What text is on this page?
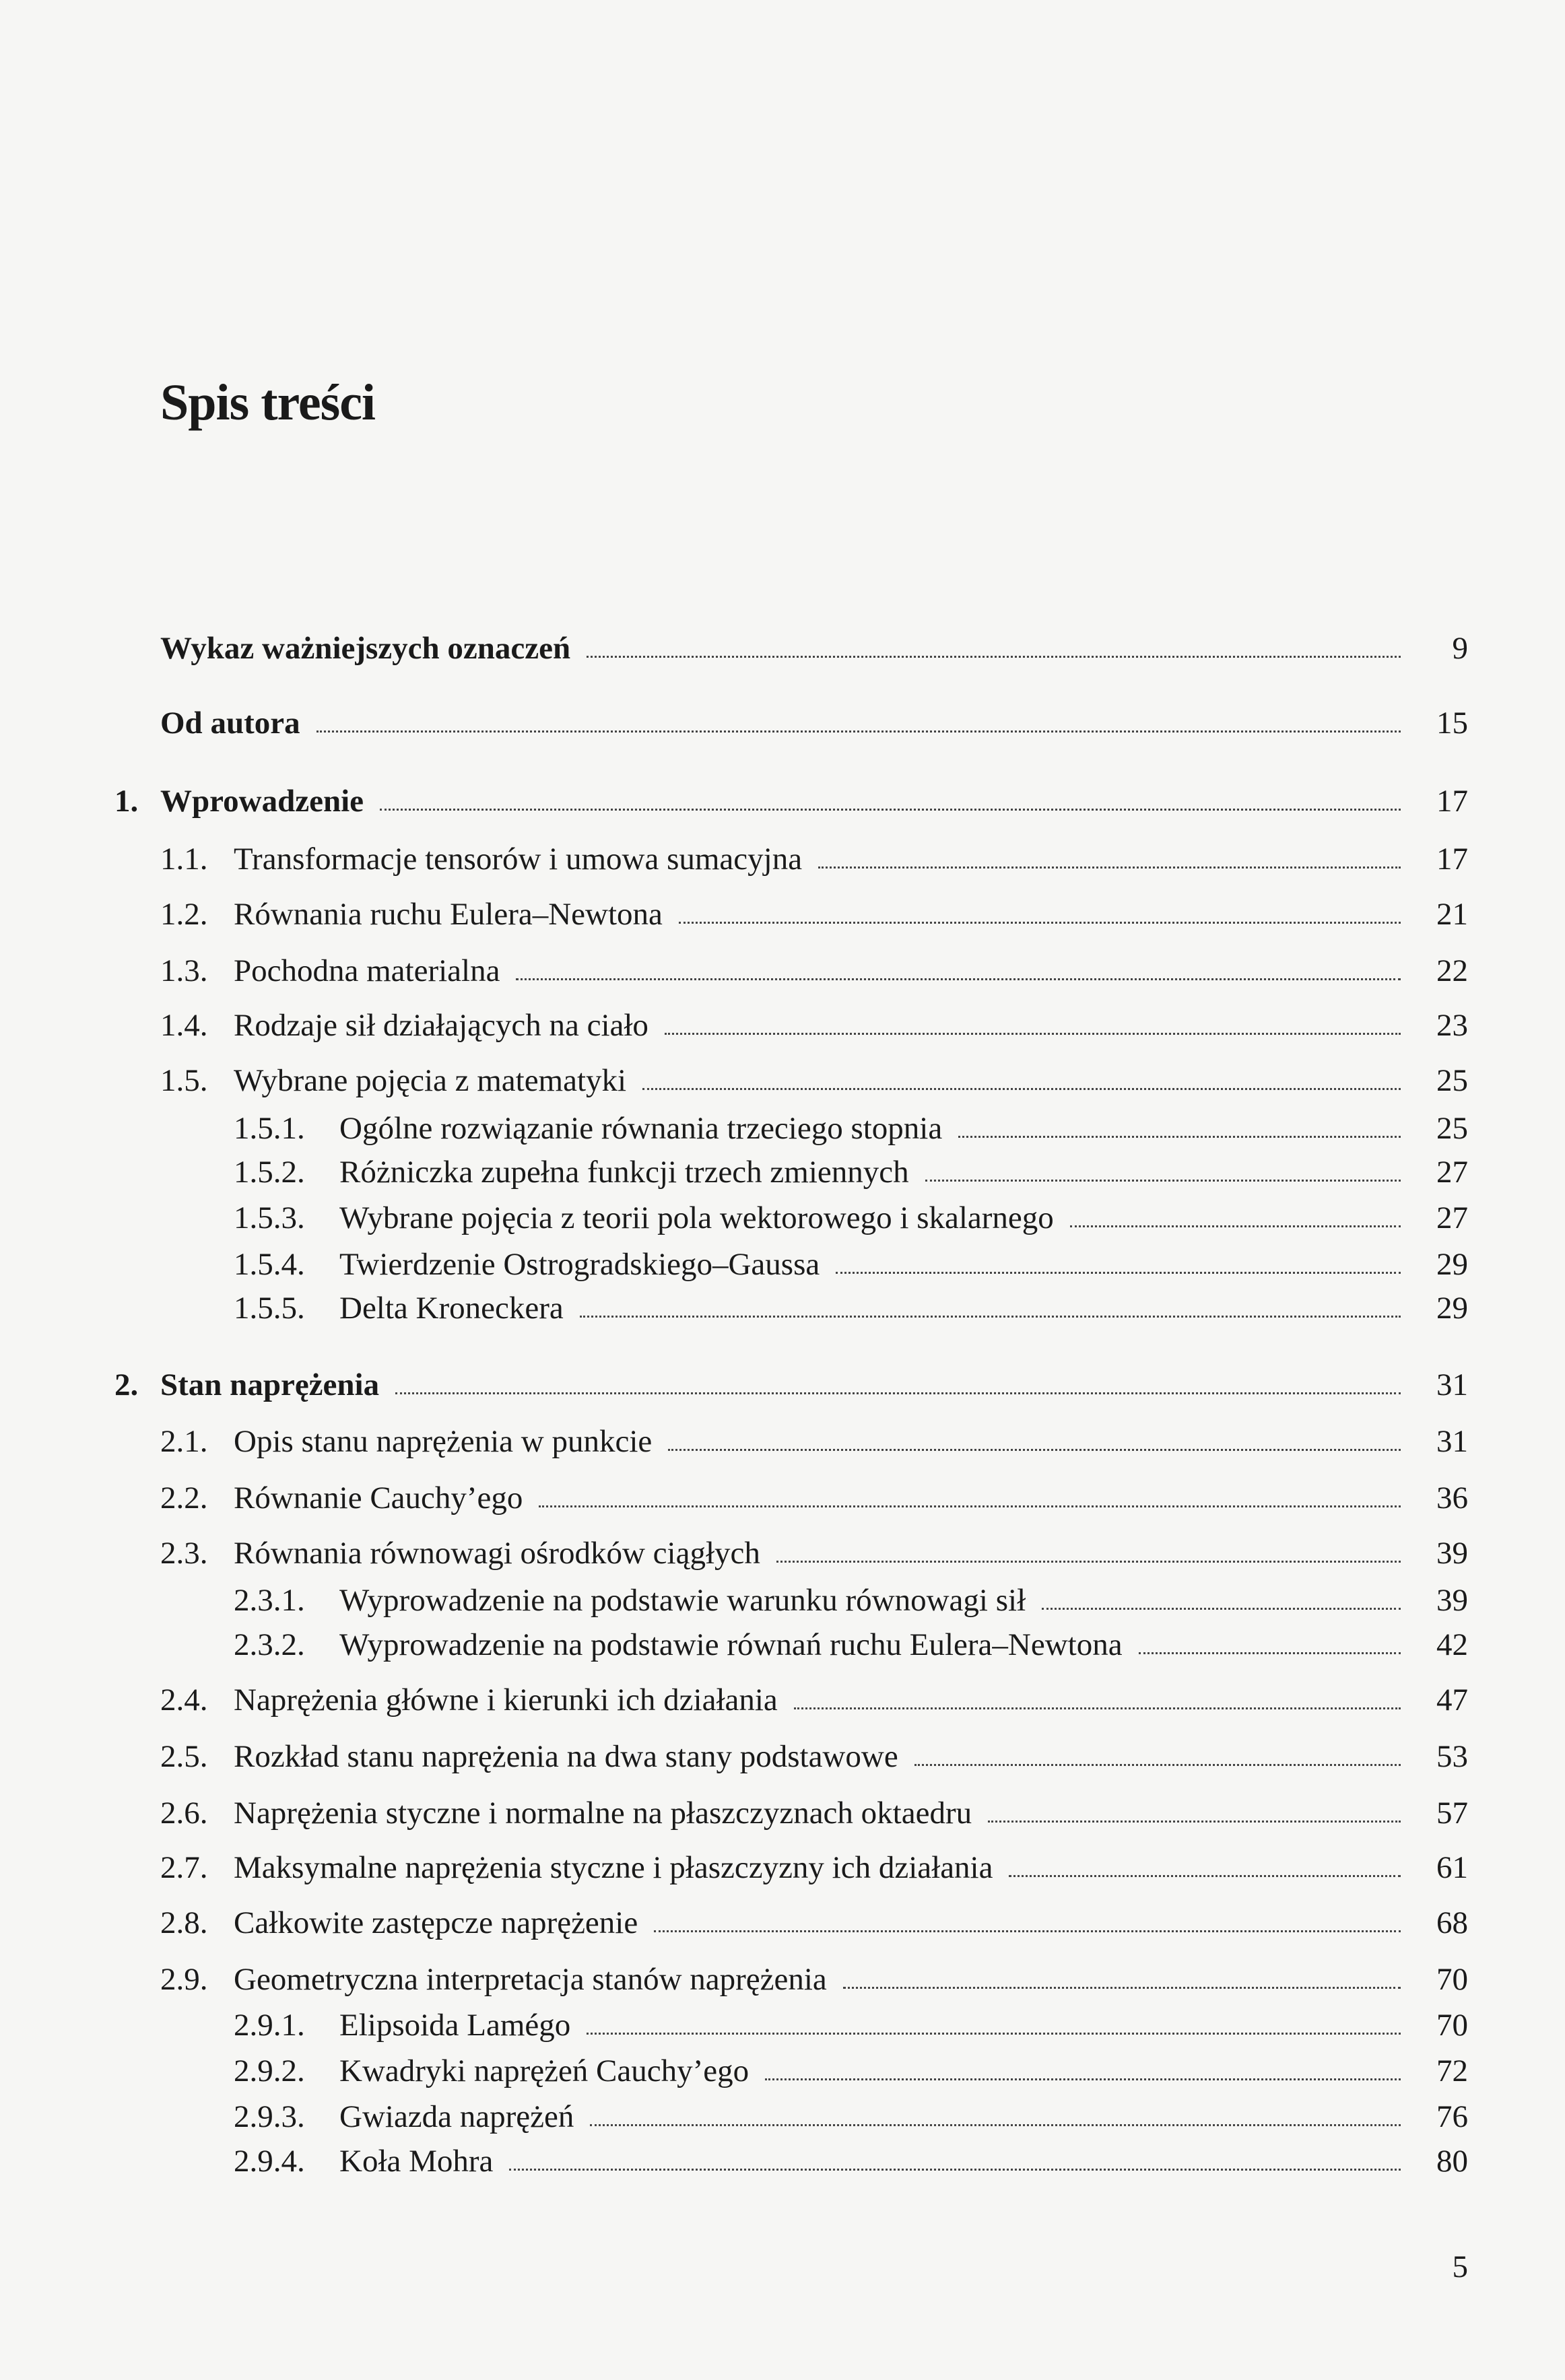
Spis treści
Wykaz ważniejszych oznaczeń	9
Od autora	15
1. Wprowadzenie	17
1.1. Transformacje tensorów i umowa sumacyjna	17
1.2. Równania ruchu Eulera–Newtona	21
1.3. Pochodna materialna	22
1.4. Rodzaje sił działających na ciało	23
1.5. Wybrane pojęcia z matematyki	25
1.5.1.	Ogólne rozwiązanie równania trzeciego stopnia	25
1.5.2.	Różniczka zupełna funkcji trzech zmiennych	27
1.5.3.	Wybrane pojęcia z teorii pola wektorowego i skalarnego	27
1.5.4.	Twierdzenie Ostrogradskiego–Gaussa	29
1.5.5.	Delta Kroneckera	29
2. Stan naprężenia	31
2.1. Opis stanu naprężenia w punkcie	31
2.2. Równanie Cauchy’ego	36
2.3. Równania równowagi ośrodków ciągłych	39
2.3.1.	Wyprowadzenie na podstawie warunku równowagi sił	39
2.3.2.	Wyprowadzenie na podstawie równań ruchu Eulera–Newtona	42
2.4. Naprężenia główne i kierunki ich działania	47
2.5. Rozkład stanu naprężenia na dwa stany podstawowe	53
2.6. Naprężenia styczne i normalne na płaszczyznach oktaedru	57
2.7. Maksymalne naprężenia styczne i płaszczyzny ich działania	61
2.8. Całkowite zastępcze naprężenie	68
2.9. Geometryczna interpretacja stanów naprężenia	70
2.9.1.	Elipsoida Lamégo	70
2.9.2.	Kwadryki naprężeń Cauchy’ego	72
2.9.3.	Gwiazda naprężeń	76
2.9.4.	Koła Mohra	80
5
